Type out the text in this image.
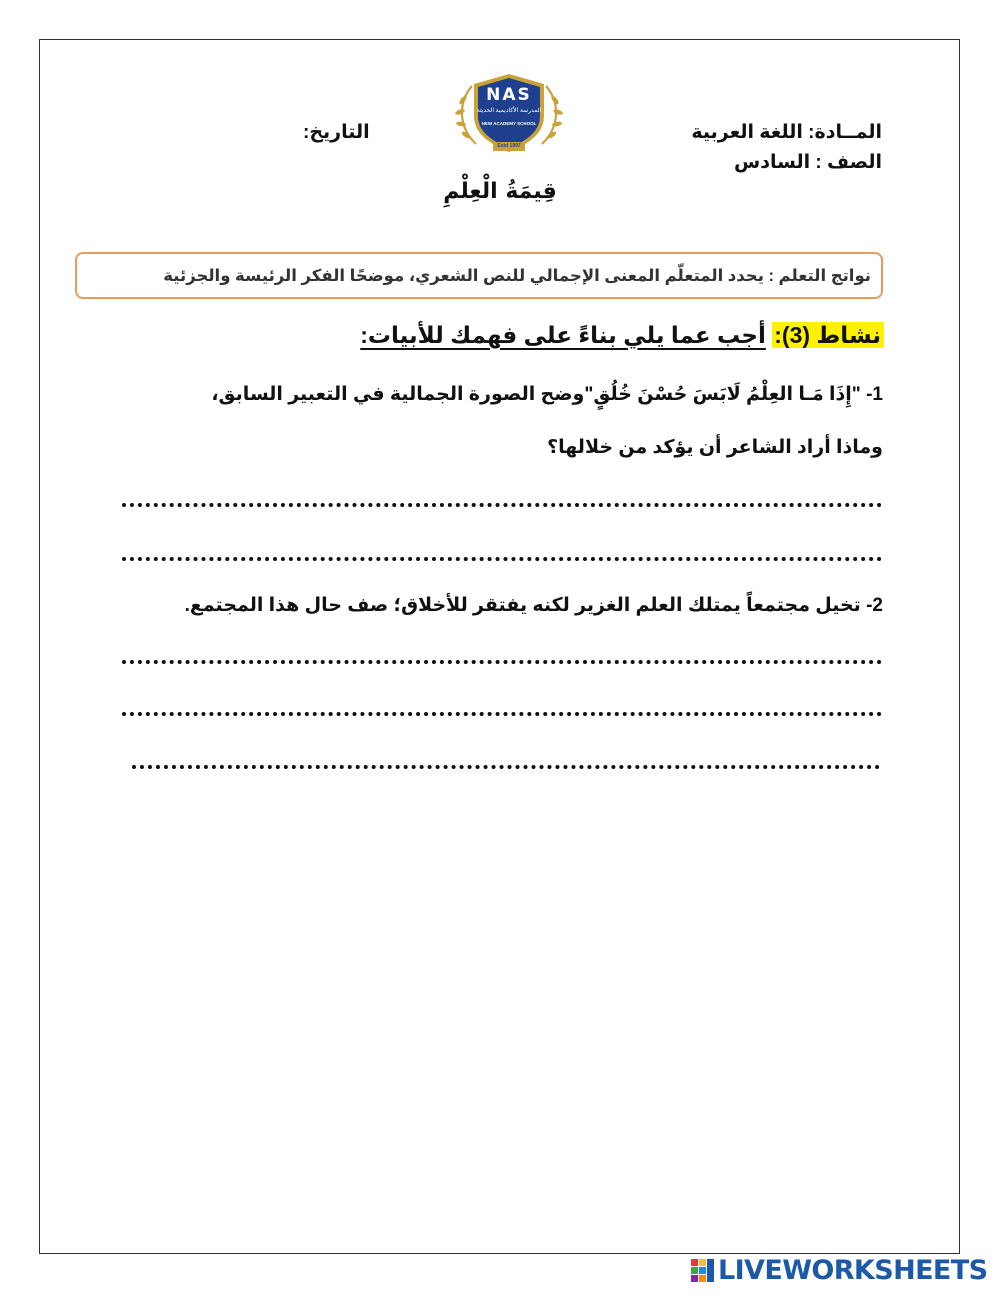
المــادة: اللغة العربية
الصف : السادس
التاريخ:
NAS
المدرسة الأكاديمية الحديثة
NEW ACADEMY SCHOOL
Estd 1997
قِيمَةُ الْعِلْمِ
نواتج التعلم : يحدد المتعلّم المعنى الإجمالي للنص الشعري، موضحًا الفكر الرئيسة والجزئية
نشاط (3): أجب عما يلي بناءً على فهمك للأبيات:
1- "إِذَا مَـا العِلْمُ لَابَسَ حُسْنَ خُلُقٍ"وضح الصورة الجمالية في التعبير السابق،
وماذا أراد الشاعر أن يؤكد من خلالها؟
2- تخيل مجتمعاً يمتلك العلم الغزير لكنه يفتقر للأخلاق؛ صف حال هذا المجتمع.
LIVEWORKSHEETS
